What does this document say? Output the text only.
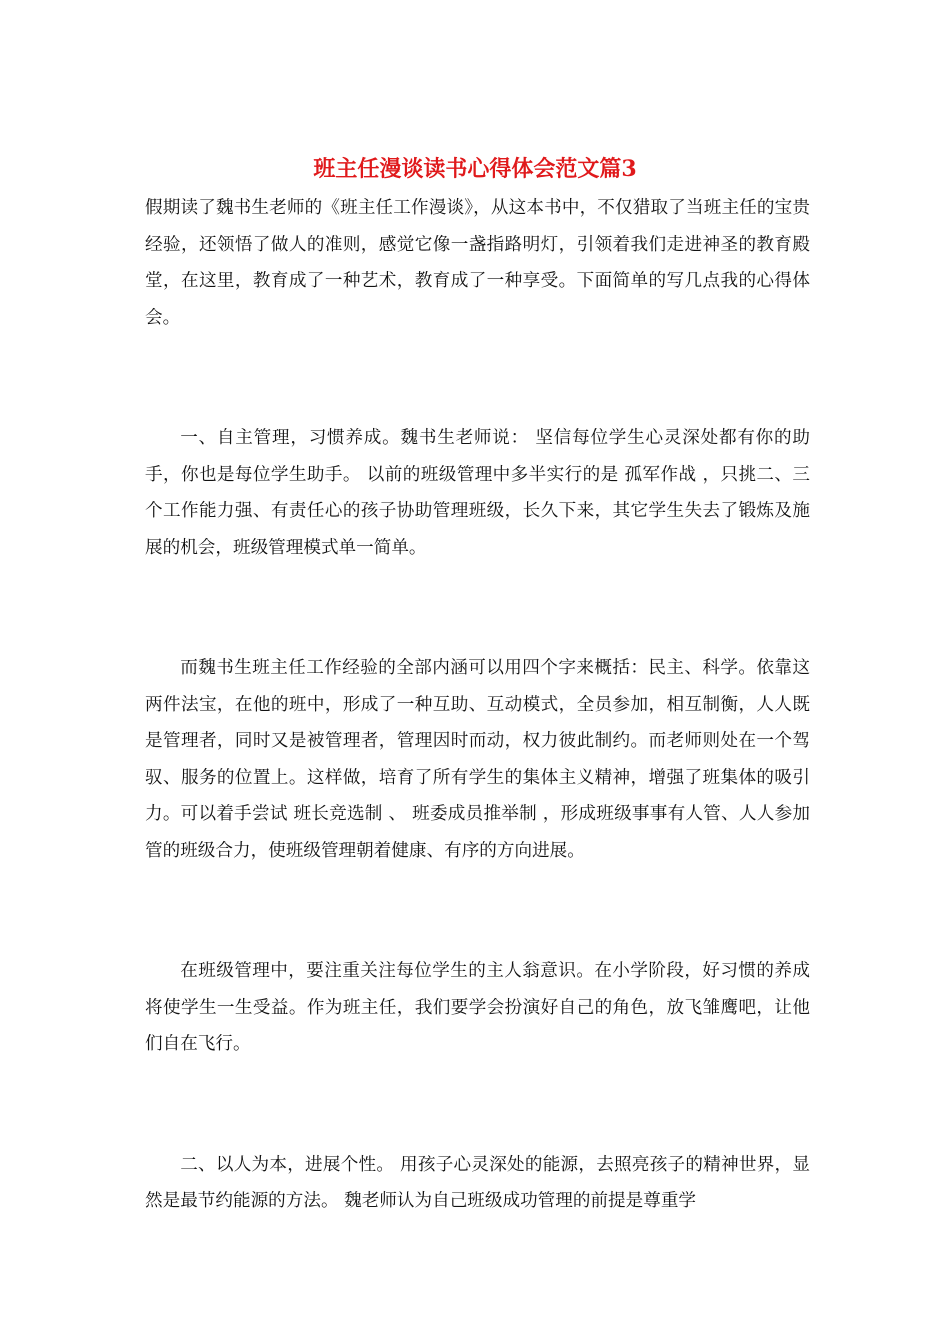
班主任漫谈读书心得体会范文篇3

假期读了魏书生老师的《班主任工作漫谈》，从这本书中，不仅猎取了当班主任的宝贵经验，还领悟了做人的准则，感觉它像一盏指路明灯，引领着我们走进神圣的教育殿堂，在这里，教育成了一种艺术，教育成了一种享受。下面简单的写几点我的心得体会。

一、自主管理，习惯养成。魏书生老师说： 坚信每位学生心灵深处都有你的助手，你也是每位学生助手。 以前的班级管理中多半实行的是 孤军作战 ，只挑二、三个工作能力强、有责任心的孩子协助管理班级，长久下来，其它学生失去了锻炼及施展的机会，班级管理模式单一简单。

而魏书生班主任工作经验的全部内涵可以用四个字来概括：民主、科学。依靠这两件法宝，在他的班中，形成了一种互助、互动模式，全员参加，相互制衡，人人既是管理者，同时又是被管理者，管理因时而动，权力彼此制约。而老师则处在一个驾驭、服务的位置上。这样做，培育了所有学生的集体主义精神，增强了班集体的吸引力。可以着手尝试 班长竞选制 、 班委成员推举制 ，形成班级事事有人管、人人参加管的班级合力，使班级管理朝着健康、有序的方向进展。

在班级管理中，要注重关注每位学生的主人翁意识。在小学阶段，好习惯的养成将使学生一生受益。作为班主任，我们要学会扮演好自己的角色，放飞雏鹰吧，让他们自在飞行。

二、以人为本，进展个性。 用孩子心灵深处的能源，去照亮孩子的精神世界，显然是最节约能源的方法。 魏老师认为自己班级成功管理的前提是尊重学
